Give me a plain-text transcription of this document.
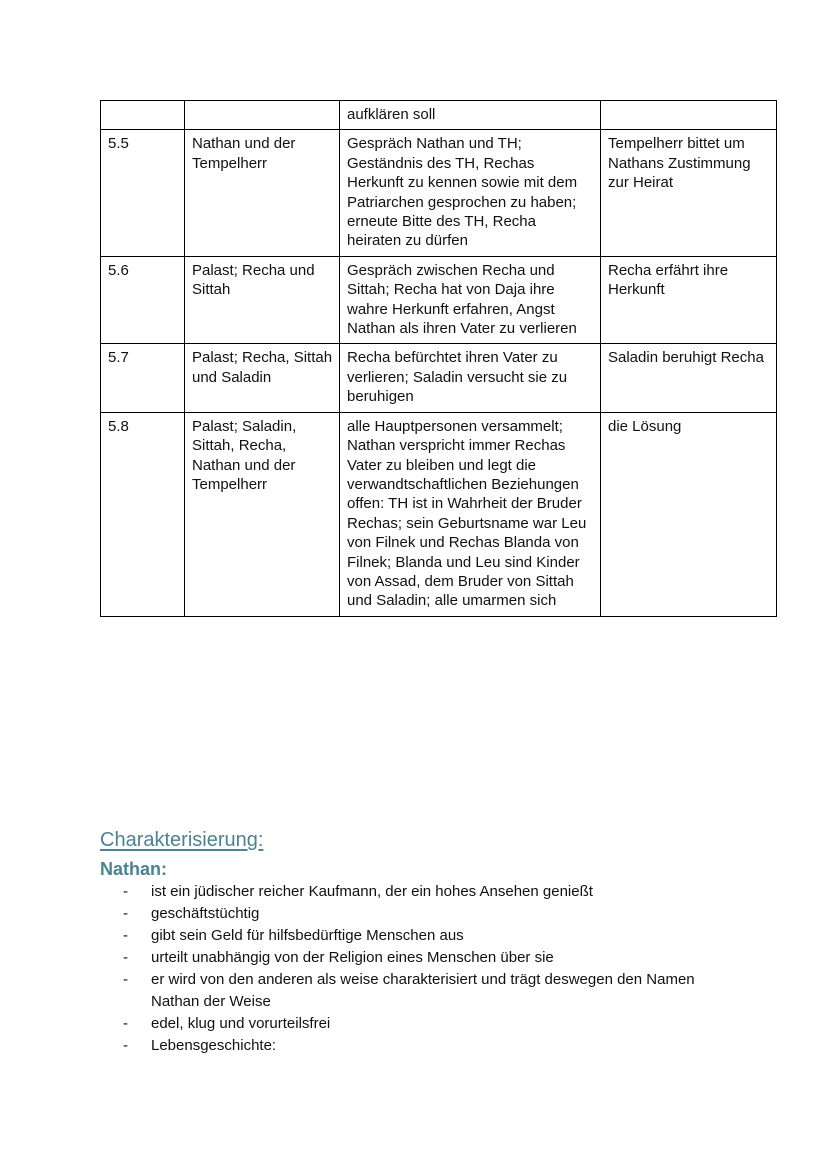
		aufklären soll	
5.5	Nathan und der Tempelherr	Gespräch Nathan und TH; Geständnis des TH, Rechas Herkunft zu kennen sowie mit dem Patriarchen gesprochen zu haben; erneute Bitte des TH, Recha heiraten zu dürfen	Tempelherr bittet um Nathans Zustimmung zur Heirat
5.6	Palast; Recha und Sittah	Gespräch zwischen Recha und Sittah; Recha hat von Daja ihre wahre Herkunft erfahren, Angst Nathan als ihren Vater zu verlieren	Recha erfährt ihre Herkunft
5.7	Palast; Recha, Sittah und Saladin	Recha befürchtet ihren Vater zu verlieren; Saladin versucht sie zu beruhigen	Saladin beruhigt Recha
5.8	Palast; Saladin, Sittah, Recha, Nathan und der Tempelherr	alle Hauptpersonen versammelt; Nathan verspricht immer Rechas Vater zu bleiben und legt die verwandtschaftlichen Beziehungen offen: TH ist in Wahrheit der Bruder Rechas; sein Geburtsname war Leu von Filnek und Rechas Blanda von Filnek; Blanda und Leu sind Kinder von Assad, dem Bruder von Sittah und Saladin; alle umarmen sich	die Lösung
Charakterisierung:
Nathan:
- ist ein jüdischer reicher Kaufmann, der ein hohes Ansehen genießt
- geschäftstüchtig
- gibt sein Geld für hilfsbedürftige Menschen aus
- urteilt unabhängig von der Religion eines Menschen über sie
- er wird von den anderen als weise charakterisiert und trägt deswegen den Namen Nathan der Weise
- edel, klug und vorurteilsfrei
- Lebensgeschichte:
